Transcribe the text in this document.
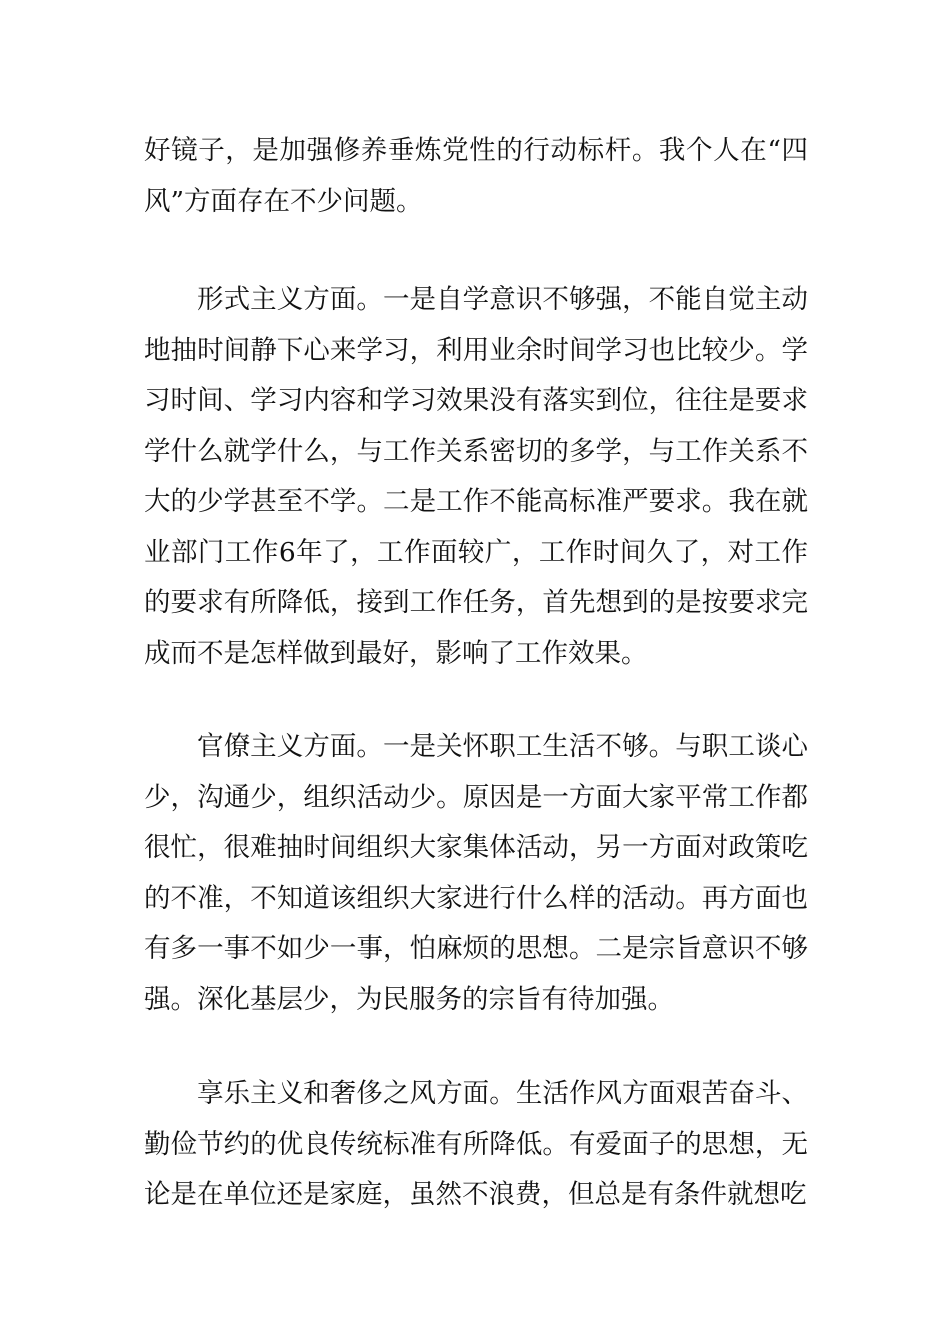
好镜子，是加强修养垂炼党性的行动标杆。我个人在“四风”方面存在不少问题。

形式主义方面。一是自学意识不够强，不能自觉主动地抽时间静下心来学习，利用业余时间学习也比较少。学习时间、学习内容和学习效果没有落实到位，往往是要求学什么就学什么，与工作关系密切的多学，与工作关系不大的少学甚至不学。二是工作不能高标准严要求。我在就业部门工作6年了，工作面较广，工作时间久了，对工作的要求有所降低，接到工作任务，首先想到的是按要求完成而不是怎样做到最好，影响了工作效果。

官僚主义方面。一是关怀职工生活不够。与职工谈心少，沟通少，组织活动少。原因是一方面大家平常工作都很忙，很难抽时间组织大家集体活动，另一方面对政策吃的不准，不知道该组织大家进行什么样的活动。再方面也有多一事不如少一事，怕麻烦的思想。二是宗旨意识不够强。深化基层少，为民服务的宗旨有待加强。

享乐主义和奢侈之风方面。生活作风方面艰苦奋斗、勤俭节约的优良传统标准有所降低。有爱面子的思想，无论是在单位还是家庭，虽然不浪费，但总是有条件就想吃
